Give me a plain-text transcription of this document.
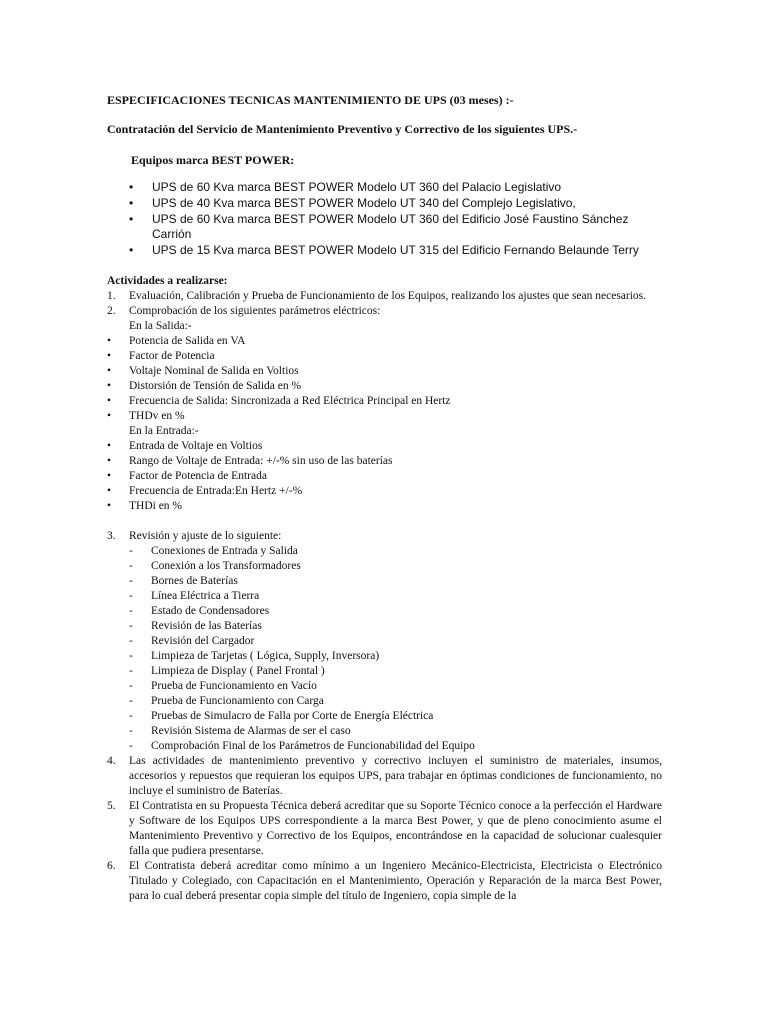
ESPECIFICACIONES TECNICAS MANTENIMIENTO DE UPS (03 meses) :-
Contratación del Servicio de Mantenimiento Preventivo y Correctivo de los siguientes UPS.-
Equipos marca BEST POWER:
• UPS de 60 Kva marca BEST POWER Modelo UT 360 del Palacio Legislativo
• UPS de 40 Kva marca BEST POWER Modelo UT 340 del Complejo Legislativo,
• UPS de 60 Kva marca BEST POWER Modelo UT 360 del Edificio José Faustino Sánchez Carrión
• UPS de 15 Kva marca BEST POWER Modelo UT 315 del Edificio Fernando Belaunde Terry
Actividades a realizarse:
1. Evaluación, Calibración y Prueba de Funcionamiento de los Equipos, realizando los ajustes que sean necesarios.
2. Comprobación de los siguientes parámetros eléctricos:
En la Salida:-
• Potencia de Salida en VA
• Factor de Potencia
• Voltaje Nominal de Salida en Voltios
• Distorsión de Tensión de Salida en %
• Frecuencia de Salida: Sincronizada a Red Eléctrica Principal en Hertz
• THDv en %
En la Entrada:-
• Entrada de Voltaje en Voltios
• Rango de Voltaje de Entrada: +/-% sin uso de las baterías
• Factor de Potencia de Entrada
• Frecuencia de Entrada:En Hertz +/-%
• THDi en %
3. Revisión y ajuste de lo siguiente:
- Conexiones de Entrada y Salida
- Conexión a los Transformadores
- Bornes de Baterías
- Línea Eléctrica a Tierra
- Estado de Condensadores
- Revisión de las Baterías
- Revisión del Cargador
- Limpieza de Tarjetas ( Lógica, Supply, Inversora)
- Limpieza de Display ( Panel Frontal )
- Prueba de Funcionamiento en Vacío
- Prueba de Funcionamiento con Carga
- Pruebas de Simulacro de Falla por Corte de Energía Eléctrica
- Revisión Sistema de Alarmas de ser el caso
- Comprobación Final de los Parámetros de Funcionabilidad del Equipo
4. Las actividades de mantenimiento preventivo y correctivo incluyen el suministro de materiales, insumos, accesorios y repuestos que requieran los equipos UPS, para trabajar en óptimas condiciones de funcionamiento, no incluye el suministro de Baterías.
5. El Contratista en su Propuesta Técnica deberá acreditar que su Soporte Técnico conoce a la perfección el Hardware y Software de los Equipos UPS correspondiente a la marca Best Power, y que de pleno conocimiento asume el Mantenimiento Preventivo y Correctivo de los Equipos, encontrándose en la capacidad de solucionar cualesquier falla que pudiera presentarse.
6. El Contratista deberá acreditar como mínimo a un Ingeniero Mecánico-Electricista, Electricista o Electrónico Titulado y Colegiado, con Capacitación en el Mantenimiento, Operación y Reparación de la marca Best Power, para lo cual deberá presentar copia simple del título de Ingeniero, copia simple de la
